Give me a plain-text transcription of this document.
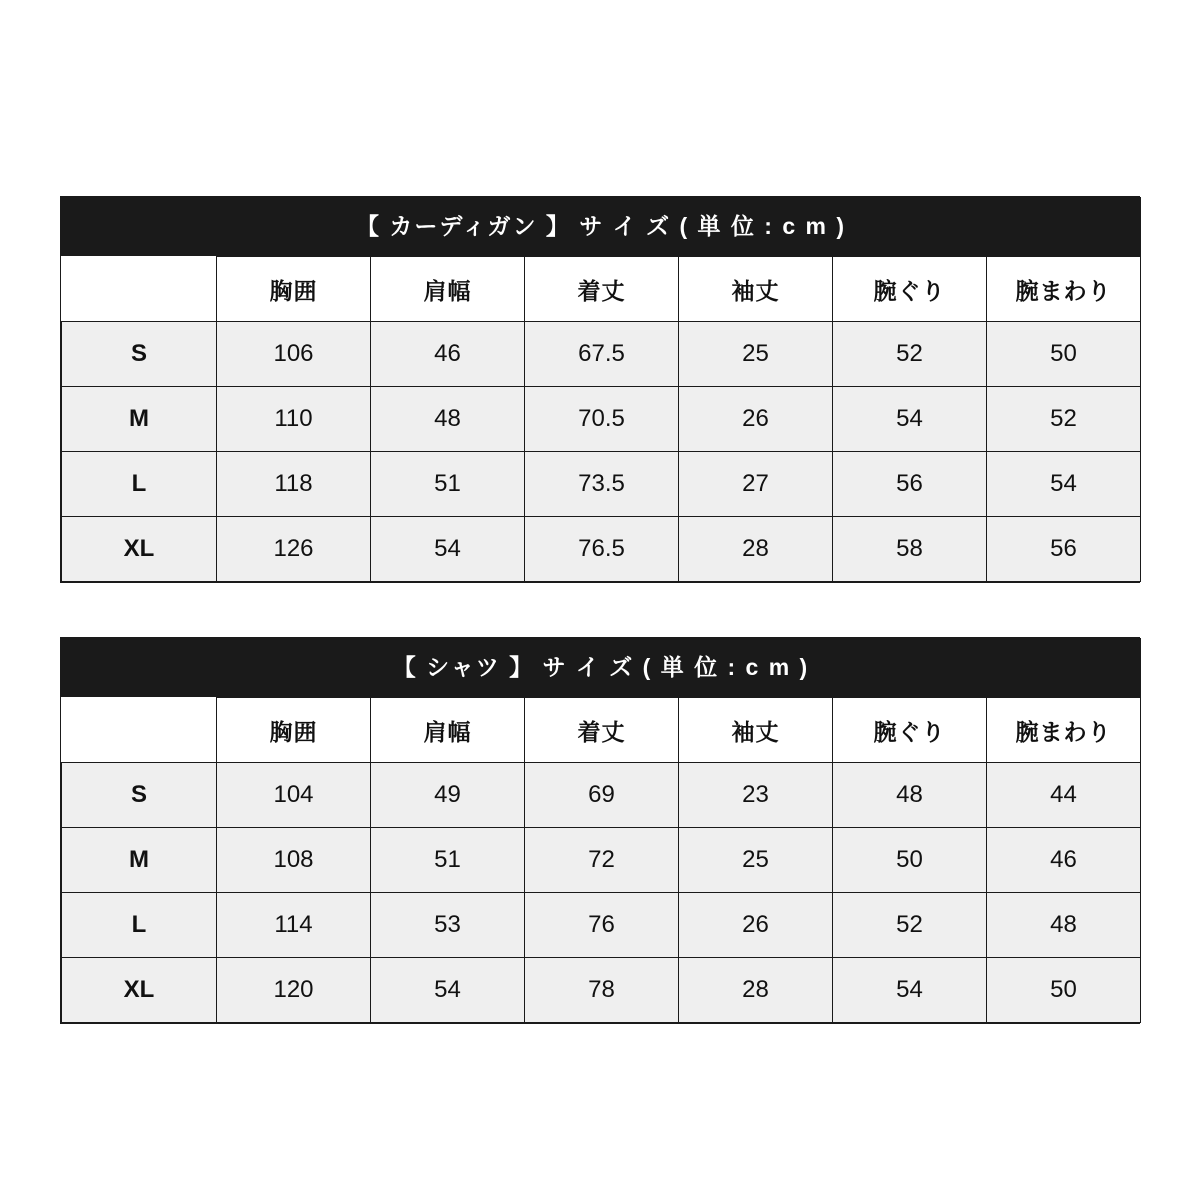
【 カーディガン 】 サ イ ズ ( 単 位 : c m )
	胸囲	肩幅	着丈	袖丈	腕ぐり	腕まわり
S	106	46	67.5	25	52	50
M	110	48	70.5	26	54	52
L	118	51	73.5	27	56	54
XL	126	54	76.5	28	58	56
【 シャツ 】 サ イ ズ ( 単 位 : c m )
	胸囲	肩幅	着丈	袖丈	腕ぐり	腕まわり
S	104	49	69	23	48	44
M	108	51	72	25	50	46
L	114	53	76	26	52	48
XL	120	54	78	28	54	50
